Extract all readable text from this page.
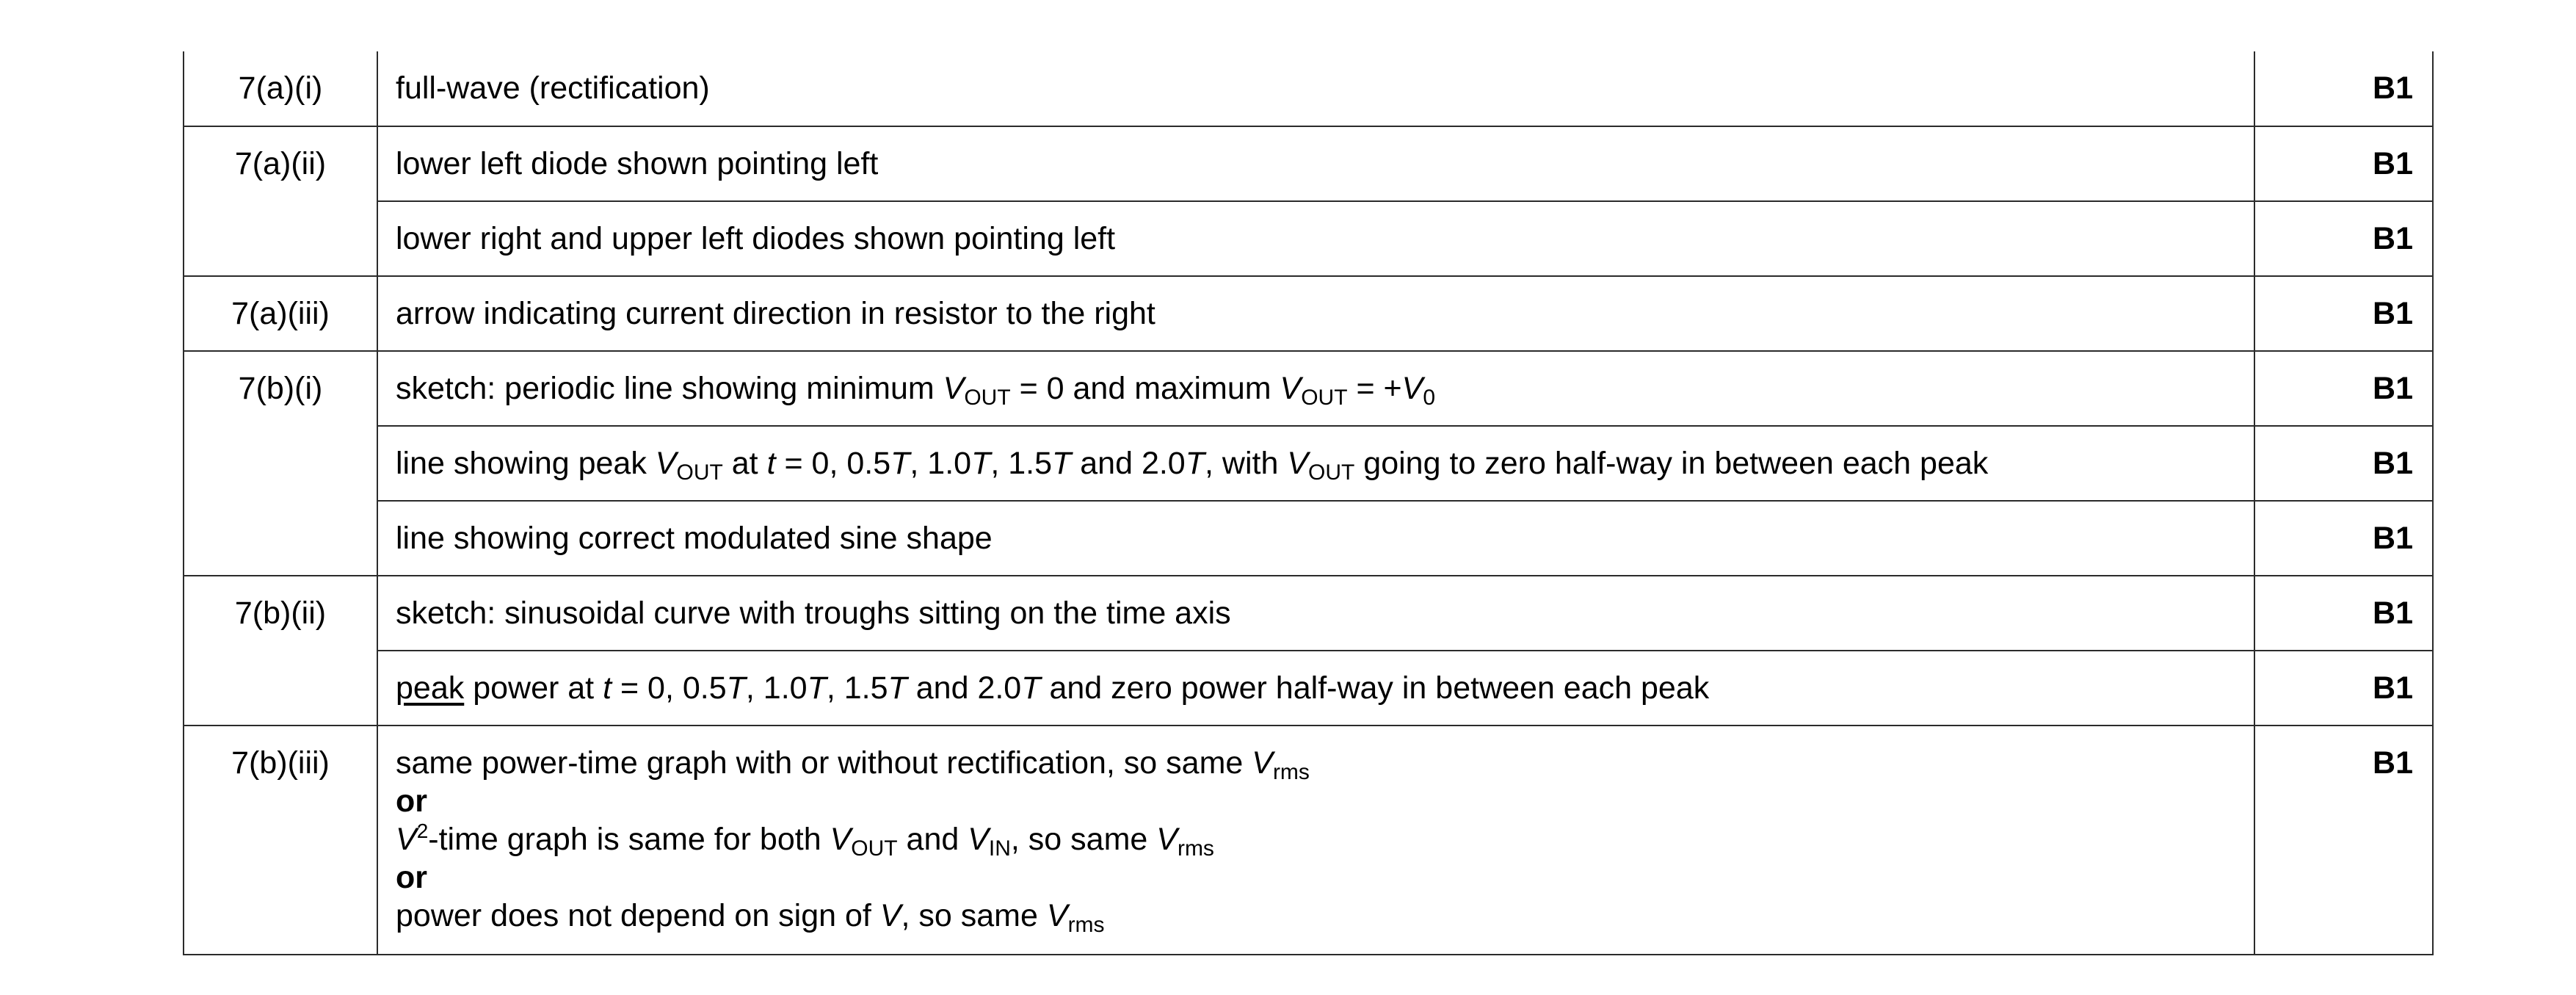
7(a)(i)	full-wave (rectification)	B1
7(a)(ii)	lower left diode shown pointing left	B1
	lower right and upper left diodes shown pointing left	B1
7(a)(iii)	arrow indicating current direction in resistor to the right	B1
7(b)(i)	sketch: periodic line showing minimum VOUT = 0 and maximum VOUT = +V0	B1
	line showing peak VOUT at t = 0, 0.5T, 1.0T, 1.5T and 2.0T, with VOUT going to zero half-way in between each peak	B1
	line showing correct modulated sine shape	B1
7(b)(ii)	sketch: sinusoidal curve with troughs sitting on the time axis	B1
	peak power at t = 0, 0.5T, 1.0T, 1.5T and 2.0T and zero power half-way in between each peak	B1
7(b)(iii)	same power-time graph with or without rectification, so same Vrms
or
$V^2$-time graph is same for both VOUT and VIN, so same Vrms
or
power does not depend on sign of V, so same Vrms	B1
